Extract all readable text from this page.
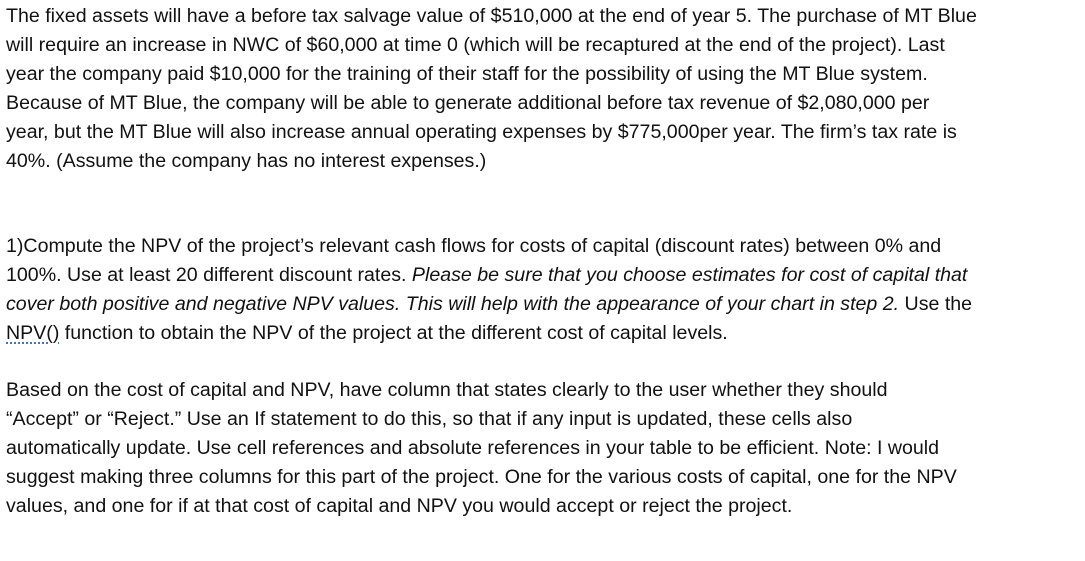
The fixed assets will have a before tax salvage value of $510,000 at the end of year 5. The purchase of MT Blue
will require an increase in NWC of $60,000 at time 0 (which will be recaptured at the end of the project). Last
year the company paid $10,000 for the training of their staff for the possibility of using the MT Blue system.
Because of MT Blue, the company will be able to generate additional before tax revenue of $2,080,000 per
year, but the MT Blue will also increase annual operating expenses by $775,000per year. The firm’s tax rate is
40%. (Assume the company has no interest expenses.)
1)Compute the NPV of the project’s relevant cash flows for costs of capital (discount rates) between 0% and
100%. Use at least 20 different discount rates. Please be sure that you choose estimates for cost of capital that
cover both positive and negative NPV values. This will help with the appearance of your chart in step 2. Use the
NPV() function to obtain the NPV of the project at the different cost of capital levels.
Based on the cost of capital and NPV, have column that states clearly to the user whether they should
“Accept” or “Reject.” Use an If statement to do this, so that if any input is updated, these cells also
automatically update. Use cell references and absolute references in your table to be efficient. Note: I would
suggest making three columns for this part of the project. One for the various costs of capital, one for the NPV
values, and one for if at that cost of capital and NPV you would accept or reject the project.
